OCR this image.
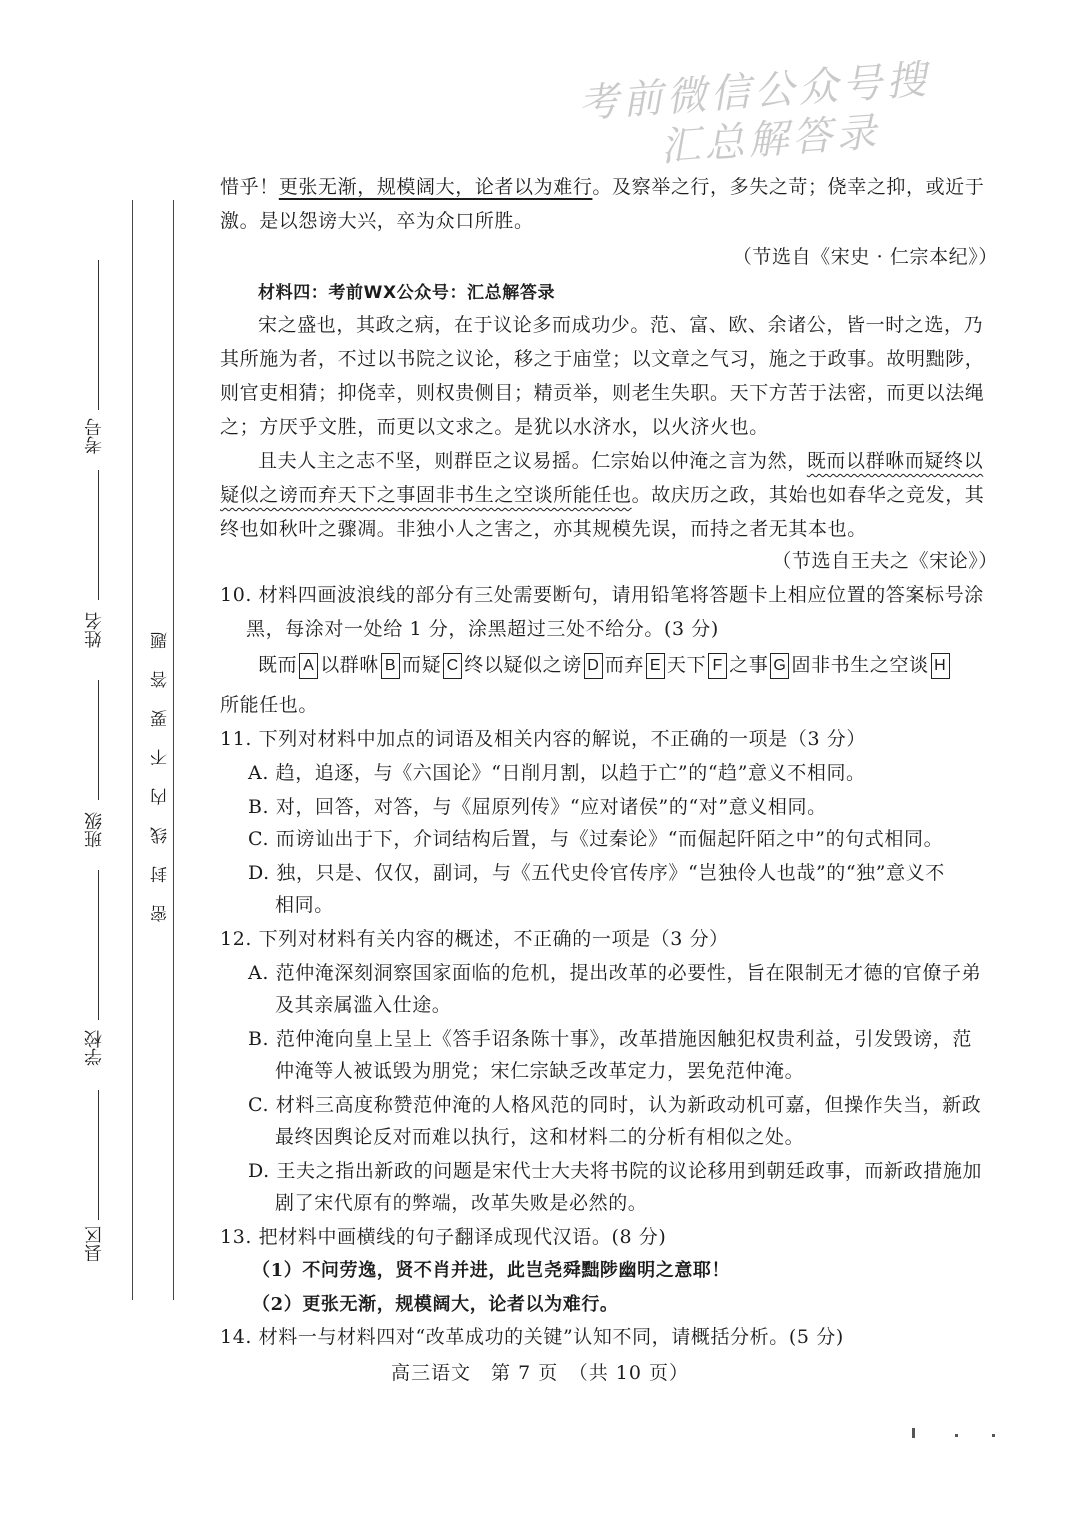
考前微信公众号搜
汇总解答录
考号
姓名
班级
学校
县区
密封线内不要答题
惜乎！更张无渐，规模阔大，论者以为难行。及察举之行，多失之苛；侥幸之抑，或近于
激。是以怨谤大兴，卒为众口所胜。
（节选自《宋史 · 仁宗本纪》）
材料四：考前WX公众号：汇总解答录
宋之盛也，其政之病，在于议论多而成功少。范、富、欧、余诸公，皆一时之选，乃
其所施为者，不过以书院之议论，移之于庙堂；以文章之气习，施之于政事。故明黜陟，
则官吏相猜；抑侥幸，则权贵侧目；精贡举，则老生失职。天下方苦于法密，而更以法绳
之；方厌乎文胜，而更以文求之。是犹以水济水，以火济火也。
且夫人主之志不坚，则群臣之议易摇。仁宗始以仲淹之言为然，既而以群咻而疑终以
疑似之谤而弃天下之事固非书生之空谈所能任也。故庆历之政，其始也如春华之竞发，其
终也如秋叶之骤凋。非独小人之害之，亦其规模先误，而持之者无其本也。
（节选自王夫之《宋论》）
10. 材料四画波浪线的部分有三处需要断句，请用铅笔将答题卡上相应位置的答案标号涂
黑，每涂对一处给 1 分，涂黑超过三处不给分。(3 分)
既而 A 以群咻 B 而疑 C 终以疑似之谤 D 而弃 E 天下 F 之事 G 固非书生之空谈 H
所能任也。
11. 下列对材料中加点的词语及相关内容的解说，不正确的一项是（3 分）
A. 趋，追逐，与《六国论》“日削月割，以趋于亡”的“趋”意义不相同。
B. 对，回答，对答，与《屈原列传》“应对诸侯”的“对”意义相同。
C. 而谤讪出于下，介词结构后置，与《过秦论》“而倔起阡陌之中”的句式相同。
D. 独，只是、仅仅，副词，与《五代史伶官传序》“岂独伶人也哉”的“独”意义不
相同。
12. 下列对材料有关内容的概述，不正确的一项是（3 分）
A. 范仲淹深刻洞察国家面临的危机，提出改革的必要性，旨在限制无才德的官僚子弟
及其亲属滥入仕途。
B. 范仲淹向皇上呈上《答手诏条陈十事》，改革措施因触犯权贵利益，引发毁谤，范
仲淹等人被诋毁为朋党；宋仁宗缺乏改革定力，罢免范仲淹。
C. 材料三高度称赞范仲淹的人格风范的同时，认为新政动机可嘉，但操作失当，新政
最终因舆论反对而难以执行，这和材料二的分析有相似之处。
D. 王夫之指出新政的问题是宋代士大夫将书院的议论移用到朝廷政事，而新政措施加
剧了宋代原有的弊端，改革失败是必然的。
13. 把材料中画横线的句子翻译成现代汉语。(8 分)
（1）不问劳逸，贤不肖并进，此岂尧舜黜陟幽明之意耶！
（2）更张无渐，规模阔大，论者以为难行。
14. 材料一与材料四对“改革成功的关键”认知不同，请概括分析。(5 分)
高三语文　第 7 页　（共 10 页）
